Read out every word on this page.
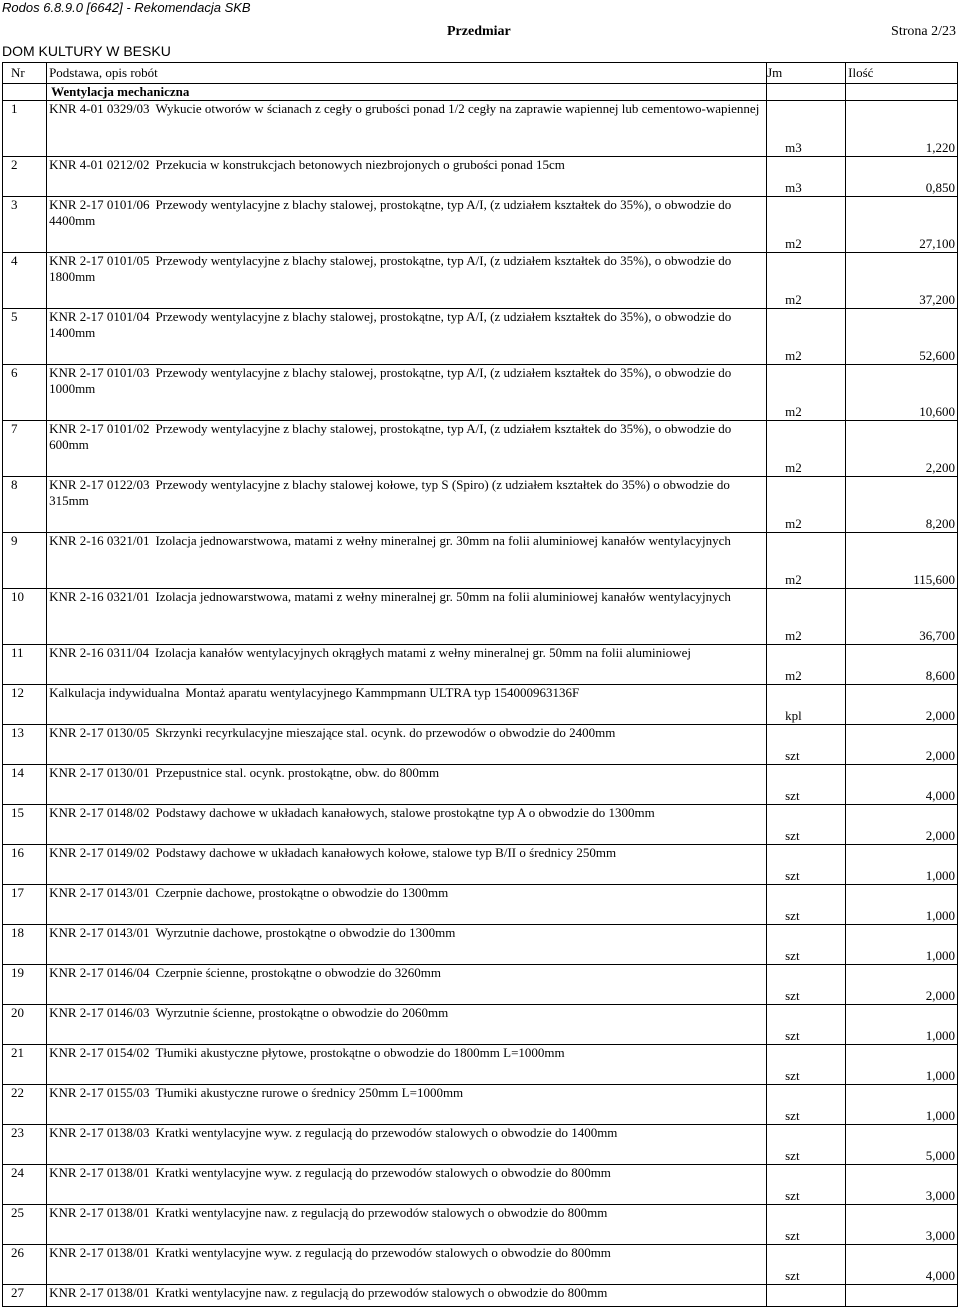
Rodos 6.8.9.0 [6642] - Rekomendacja SKB
Przedmiar	Strona 2/23
DOM KULTURY W BESKU
Nr	Podstawa, opis robót	Jm	Ilość
	Wentylacja mechaniczna		
1	KNR 4-01 0329/03 Wykucie otworów w ścianach z cegły o grubości ponad 1/2 cegły na zaprawie wapiennej lub cementowo-wapiennej	m3	1,220
2	KNR 4-01 0212/02 Przekucia w konstrukcjach betonowych niezbrojonych o grubości ponad 15cm	m3	0,850
3	KNR 2-17 0101/06 Przewody wentylacyjne z blachy stalowej, prostokątne, typ A/I, (z udziałem kształtek do 35%), o obwodzie do 4400mm	m2	27,100
4	KNR 2-17 0101/05 Przewody wentylacyjne z blachy stalowej, prostokątne, typ A/I, (z udziałem kształtek do 35%), o obwodzie do 1800mm	m2	37,200
5	KNR 2-17 0101/04 Przewody wentylacyjne z blachy stalowej, prostokątne, typ A/I, (z udziałem kształtek do 35%), o obwodzie do 1400mm	m2	52,600
6	KNR 2-17 0101/03 Przewody wentylacyjne z blachy stalowej, prostokątne, typ A/I, (z udziałem kształtek do 35%), o obwodzie do 1000mm	m2	10,600
7	KNR 2-17 0101/02 Przewody wentylacyjne z blachy stalowej, prostokątne, typ A/I, (z udziałem kształtek do 35%), o obwodzie do 600mm	m2	2,200
8	KNR 2-17 0122/03 Przewody wentylacyjne z blachy stalowej kołowe, typ S (Spiro) (z udziałem kształtek do 35%) o obwodzie do 315mm	m2	8,200
9	KNR 2-16 0321/01 Izolacja jednowarstwowa, matami z wełny mineralnej gr. 30mm na folii aluminiowej kanałów wentylacyjnych	m2	115,600
10	KNR 2-16 0321/01 Izolacja jednowarstwowa, matami z wełny mineralnej gr. 50mm na folii aluminiowej kanałów wentylacyjnych	m2	36,700
11	KNR 2-16 0311/04 Izolacja kanałów wentylacyjnych okrągłych matami z wełny mineralnej gr. 50mm na folii aluminiowej	m2	8,600
12	Kalkulacja indywidualna Montaż aparatu wentylacyjnego Kammpmann ULTRA typ 154000963136F	kpl	2,000
13	KNR 2-17 0130/05 Skrzynki recyrkulacyjne mieszające stal. ocynk. do przewodów o obwodzie do 2400mm	szt	2,000
14	KNR 2-17 0130/01 Przepustnice stal. ocynk. prostokątne, obw. do 800mm	szt	4,000
15	KNR 2-17 0148/02 Podstawy dachowe w układach kanałowych, stalowe prostokątne typ A o obwodzie do 1300mm	szt	2,000
16	KNR 2-17 0149/02 Podstawy dachowe w układach kanałowych kołowe, stalowe typ B/II o średnicy 250mm	szt	1,000
17	KNR 2-17 0143/01 Czerpnie dachowe, prostokątne o obwodzie do 1300mm	szt	1,000
18	KNR 2-17 0143/01 Wyrzutnie dachowe, prostokątne o obwodzie do 1300mm	szt	1,000
19	KNR 2-17 0146/04 Czerpnie ścienne, prostokątne o obwodzie do 3260mm	szt	2,000
20	KNR 2-17 0146/03 Wyrzutnie ścienne, prostokątne o obwodzie do 2060mm	szt	1,000
21	KNR 2-17 0154/02 Tłumiki akustyczne płytowe, prostokątne o obwodzie do 1800mm L=1000mm	szt	1,000
22	KNR 2-17 0155/03 Tłumiki akustyczne rurowe o średnicy 250mm L=1000mm	szt	1,000
23	KNR 2-17 0138/03 Kratki wentylacyjne wyw. z regulacją do przewodów stalowych o obwodzie do 1400mm	szt	5,000
24	KNR 2-17 0138/01 Kratki wentylacyjne wyw. z regulacją do przewodów stalowych o obwodzie do 800mm	szt	3,000
25	KNR 2-17 0138/01 Kratki wentylacyjne naw. z regulacją do przewodów stalowych o obwodzie do 800mm	szt	3,000
26	KNR 2-17 0138/01 Kratki wentylacyjne wyw. z regulacją do przewodów stalowych o obwodzie do 800mm	szt	4,000
27	KNR 2-17 0138/01 Kratki wentylacyjne naw. z regulacją do przewodów stalowych o obwodzie do 800mm		
